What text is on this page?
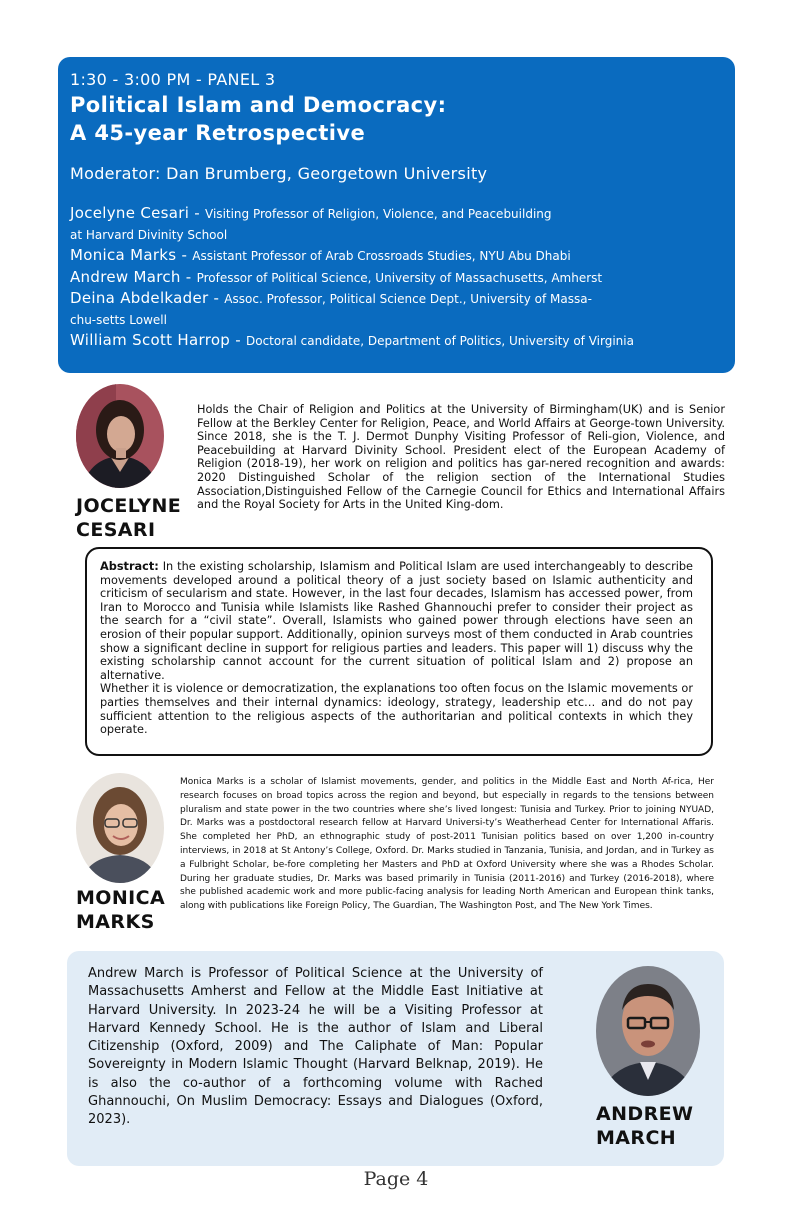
1:30 - 3:00 PM - PANEL 3
Political Islam and Democracy:
A 45-year Retrospective
Moderator: Dan Brumberg, Georgetown University
Jocelyne Cesari - Visiting Professor of Religion, Violence, and Peacebuilding
at Harvard Divinity School
Monica Marks - Assistant Professor of Arab Crossroads Studies, NYU Abu Dhabi
Andrew March - Professor of Political Science, University of Massachusetts, Amherst
Deina Abdelkader - Assoc. Professor, Political Science Dept., University of Massa-
chu-setts Lowell
William Scott Harrop - Doctoral candidate, Department of Politics, University of Virginia
JOCELYNE
CESARI
Holds the Chair of Religion and Politics at the University of Birmingham(UK) and is Senior Fellow at the Berkley Center for Religion, Peace, and World Affairs at George-town University. Since 2018, she is the T. J. Dermot Dunphy Visiting Professor of Reli-gion, Violence, and Peacebuilding at Harvard Divinity School. President elect of the European Academy of Religion (2018-19), her work on religion and politics has gar-nered recognition and awards: 2020 Distinguished Scholar of the religion section of the International Studies Association,Distinguished Fellow of the Carnegie Council for Ethics and International Affairs and the Royal Society for Arts in the United King-dom.

Abstract: In the existing scholarship, Islamism and Political Islam are used interchangeably to describe movements developed around a political theory of a just society based on Islamic authenticity and criticism of secularism and state. However, in the last four decades, Islamism has accessed power, from Iran to Morocco and Tunisia while Islamists like Rashed Ghannouchi prefer to consider their project as the search for a “civil state”. Overall, Islamists who gained power through elections have seen an erosion of their popular support. Additionally, opinion surveys most of them conducted in Arab countries show a significant decline in support for religious parties and leaders. This paper will 1) discuss why the existing scholarship cannot account for the current situation of political Islam and 2) propose an alternative.

Whether it is violence or democratization, the explanations too often focus on the Islamic movements or parties themselves and their internal dynamics: ideology, strategy, leadership etc… and do not pay sufficient attention to the religious aspects of the authoritarian and political contexts in which they operate.

MONICA
MARKS
Monica Marks is a scholar of Islamist movements, gender, and politics in the Middle East and North Af-rica, Her research focuses on broad topics across the region and beyond, but especially in regards to the tensions between pluralism and state power in the two countries where she’s lived longest: Tunisia and Turkey. Prior to joining NYUAD, Dr. Marks was a postdoctoral research fellow at Harvard Universi-ty’s Weatherhead Center for International Affaris. She completed her PhD, an ethnographic study of post-2011 Tunisian politics based on over 1,200 in-country interviews, in 2018 at St Antony’s College, Oxford. Dr. Marks studied in Tanzania, Tunisia, and Jordan, and in Turkey as a Fulbright Scholar, be-fore completing her Masters and PhD at Oxford University where she was a Rhodes Scholar. During her graduate studies, Dr. Marks was based primarily in Tunisia (2011-2016) and Turkey (2016-2018), where she published academic work and more public-facing analysis for leading North American and European think tanks, along with publications like Foreign Policy, The Guardian, The Washington Post, and The New York Times.
Andrew March is Professor of Political Science at the University of Massachusetts Amherst and Fellow at the Middle East Initiative at Harvard University. In 2023-24 he will be a Visiting Professor at Harvard Kennedy School. He is the author of Islam and Liberal Citizenship (Oxford, 2009) and The Caliphate of Man: Popular Sovereignty in Modern Islamic Thought (Harvard Belknap, 2019). He is also the co-author of a forthcoming volume with Rached Ghannouchi, On Muslim Democracy: Essays and Dialogues (Oxford, 2023).	ANDREW
MARCH
Page 4
